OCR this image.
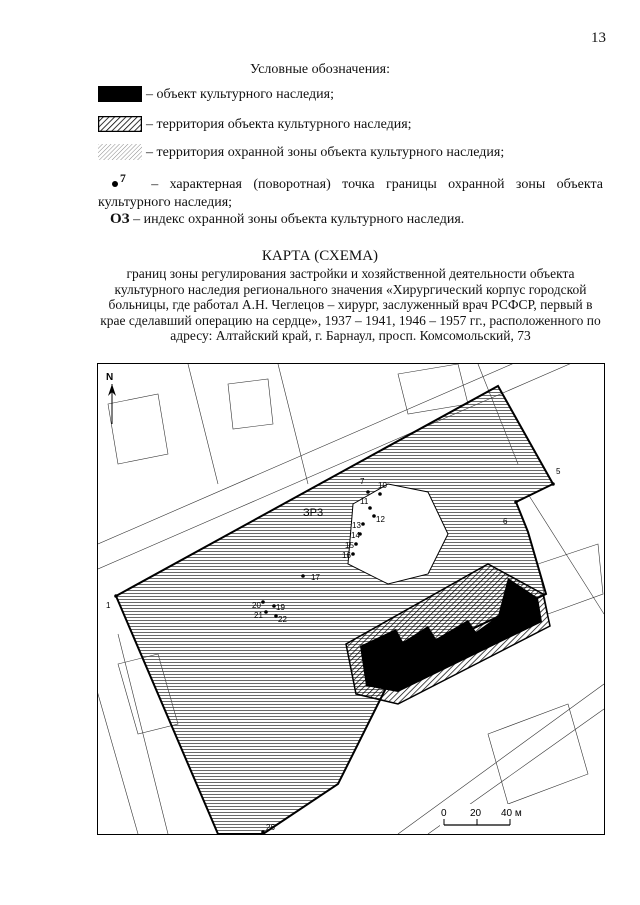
13
Условные обозначения:
– объект культурного наследия;
– территория объекта культурного наследия;
– территория охранной зоны объекта культурного наследия;
$^7$ – характерная (поворотная) точка границы охранной зоны объекта культурного наследия;
ОЗ – индекс охранной зоны объекта культурного наследия.
КАРТА (СХЕМА)
границ зоны регулирования застройки и хозяйственной деятельности объекта культурного наследия регионального значения «Хирургический корпус городской больницы, где работал А.Н. Чеглецов – хирург, заслуженный врач РСФСР, первый в крае сделавший операцию на сердце», 1937 – 1941, 1946 – 1957 гг., расположенного по адресу: Алтайский край, г. Барнаул, просп. Комсомольский, 73
N
ЗР3
1
5
6
7 10
11
12
13
14
15
16
17
19
20
21 22
26
0 20 40 м
